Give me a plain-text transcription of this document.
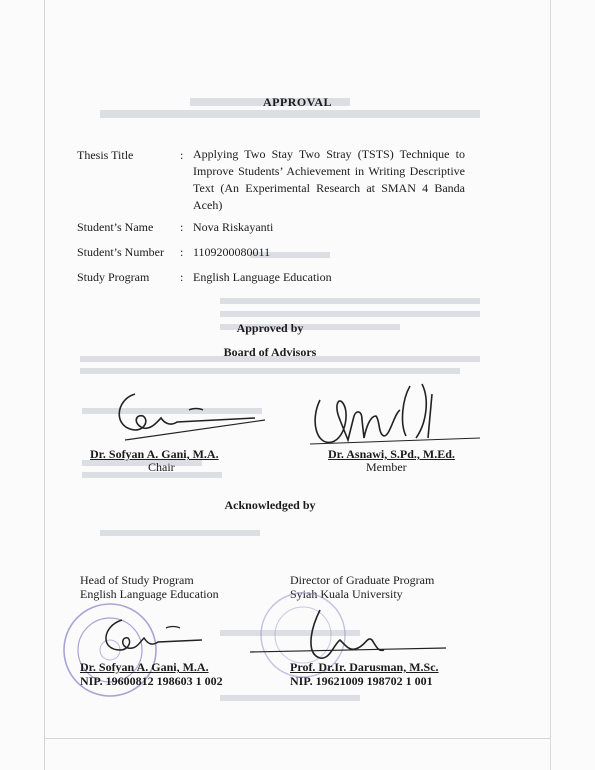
APPROVAL
Thesis Title	: Applying Two Stay Two Stray (TSTS) Technique to Improve Students’ Achievement in Writing Descriptive Text (An Experimental Research at SMAN 4 Banda Aceh)
Student’s Name : Nova Riskayanti
Student’s Number : 1109200080011
Study Program	: English Language Education
Approved by
Board of Advisors
Dr. Sofyan A. Gani, M.A.
Chair
Dr. Asnawi, S.Pd., M.Ed.
Member
Acknowledged by
Head of Study Program
English Language Education
Director of Graduate Program
Syiah Kuala University
Dr. Sofyan A. Gani, M.A.
NIP. 19600812 198603 1 002
Prof. Dr.Ir. Darusman, M.Sc.
NIP. 19621009 198702 1 001
